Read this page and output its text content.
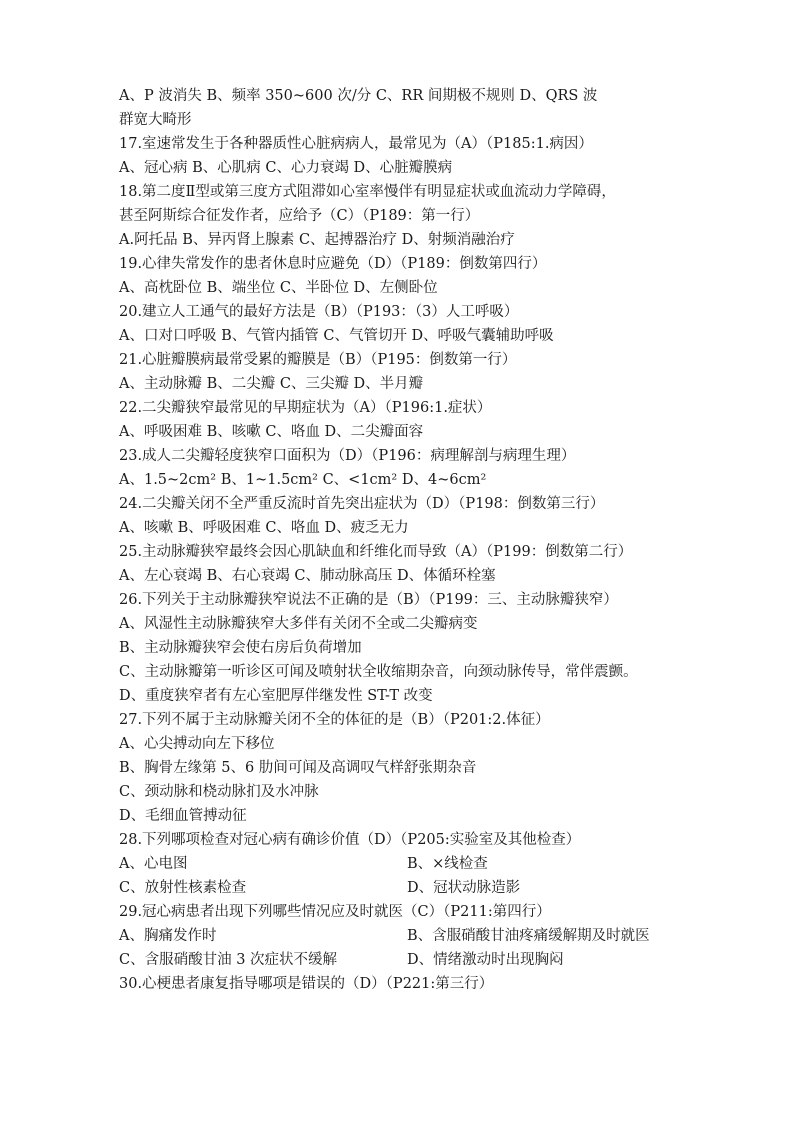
A、P 波消失 B、频率 350~600 次/分 C、RR 间期极不规则 D、QRS 波
群宽大畸形
17.室速常发生于各种器质性心脏病病人，最常见为（A）（P185:1.病因）
A、冠心病 B、心肌病 C、心力衰竭 D、心脏瓣膜病
18.第二度Ⅱ型或第三度方式阻滞如心室率慢伴有明显症状或血流动力学障碍，
甚至阿斯综合征发作者，应给予（C）（P189：第一行）
A.阿托品 B、异丙肾上腺素 C、起搏器治疗 D、射频消融治疗
19.心律失常发作的患者休息时应避免（D）（P189：倒数第四行）
A、高枕卧位 B、端坐位 C、半卧位 D、左侧卧位
20.建立人工通气的最好方法是（B）（P193：（3）人工呼吸）
A、口对口呼吸 B、气管内插管 C、气管切开 D、呼吸气囊辅助呼吸
21.心脏瓣膜病最常受累的瓣膜是（B）（P195：倒数第一行）
A、主动脉瓣 B、二尖瓣 C、三尖瓣 D、半月瓣
22.二尖瓣狭窄最常见的早期症状为（A）（P196:1.症状）
A、呼吸困难 B、咳嗽 C、咯血 D、二尖瓣面容
23.成人二尖瓣轻度狭窄口面积为（D）（P196：病理解剖与病理生理）
A、1.5~2cm² B、1~1.5cm² C、<1cm² D、4~6cm²
24.二尖瓣关闭不全严重反流时首先突出症状为（D）（P198：倒数第三行）
A、咳嗽 B、呼吸困难 C、咯血 D、疲乏无力
25.主动脉瓣狭窄最终会因心肌缺血和纤维化而导致（A）（P199：倒数第二行）
A、左心衰竭 B、右心衰竭 C、肺动脉高压 D、体循环栓塞
26.下列关于主动脉瓣狭窄说法不正确的是（B）（P199：三、主动脉瓣狭窄）
A、风湿性主动脉瓣狭窄大多伴有关闭不全或二尖瓣病变
B、主动脉瓣狭窄会使右房后负荷增加
C、主动脉瓣第一听诊区可闻及喷射状全收缩期杂音，向颈动脉传导，常伴震颤。
D、重度狭窄者有左心室肥厚伴继发性 ST-T 改变
27.下列不属于主动脉瓣关闭不全的体征的是（B）（P201:2.体征）
A、心尖搏动向左下移位
B、胸骨左缘第 5、6 肋间可闻及高调叹气样舒张期杂音
C、颈动脉和桡动脉扪及水冲脉
D、毛细血管搏动征
28.下列哪项检查对冠心病有确诊价值（D）（P205:实验室及其他检查）
A、心电图	B、×线检查
C、放射性核素检查	D、冠状动脉造影
29.冠心病患者出现下列哪些情况应及时就医（C）（P211:第四行）
A、胸痛发作时	B、含服硝酸甘油疼痛缓解期及时就医
C、含服硝酸甘油 3 次症状不缓解	D、情绪激动时出现胸闷
30.心梗患者康复指导哪项是错误的（D）（P221:第三行）
